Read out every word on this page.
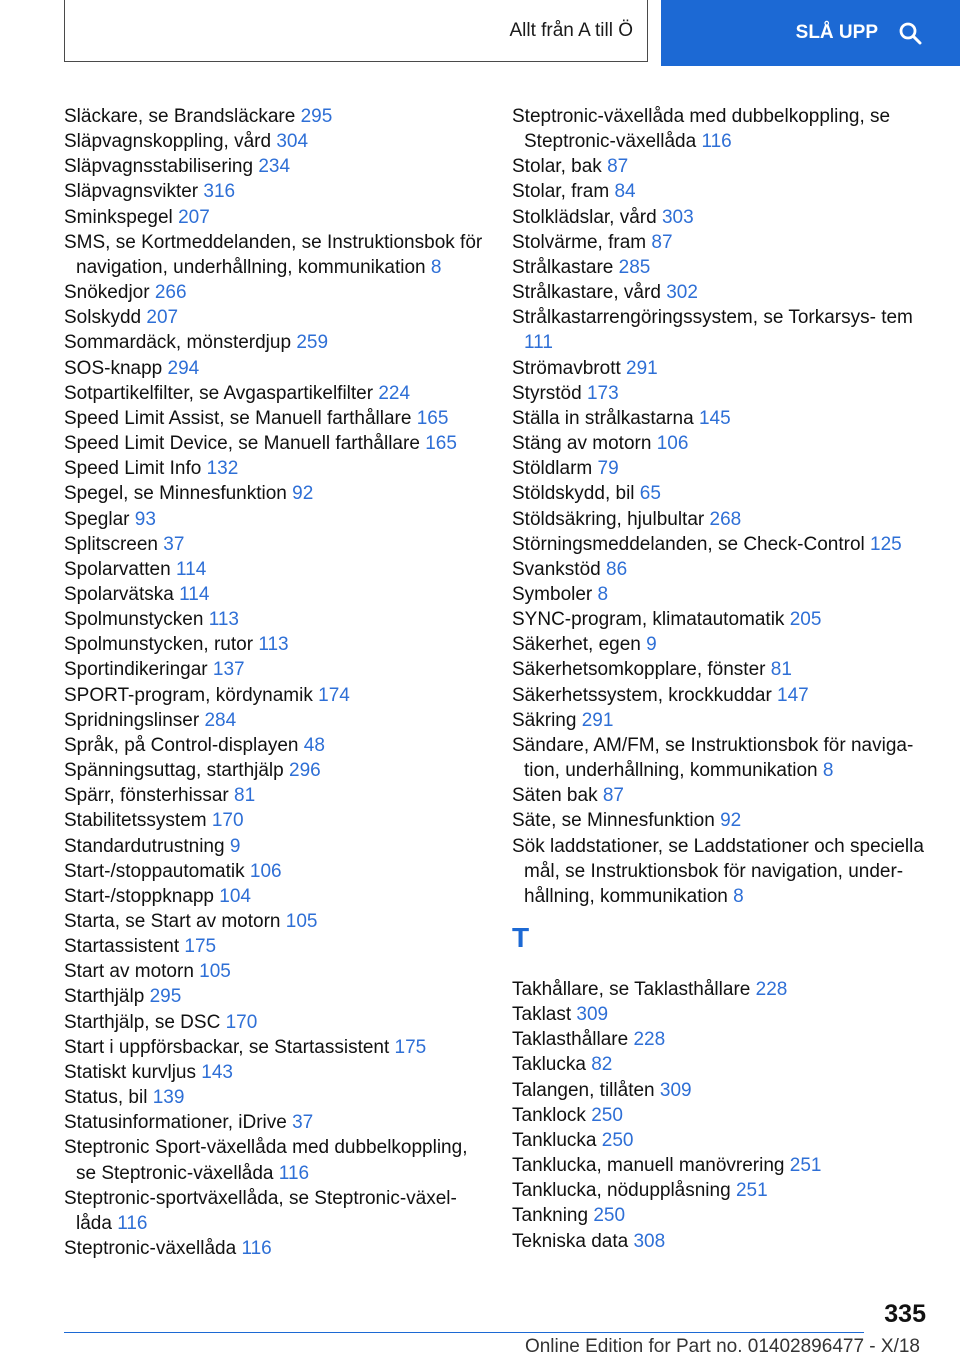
Allt från A till Ö	SLÅ UPP
Släckare, se Brandsläckare 295
Släpvagnskoppling, vård 304
Släpvagnsstabilisering 234
Släpvagnsvikter 316
Sminkspegel 207
SMS, se Kortmeddelanden, se Instruktionsbok för navigation, underhållning, kommunikation 8
Snökedjor 266
Solskydd 207
Sommardäck, mönsterdjup 259
SOS-knapp 294
Sotpartikelfilter, se Avgaspartikelfilter 224
Speed Limit Assist, se Manuell farthållare 165
Speed Limit Device, se Manuell farthållare 165
Speed Limit Info 132
Spegel, se Minnesfunktion 92
Speglar 93
Splitscreen 37
Spolarvatten 114
Spolarvätska 114
Spolmunstycken 113
Spolmunstycken, rutor 113
Sportindikeringar 137
SPORT-program, kördynamik 174
Spridningslinser 284
Språk, på Control-displayen 48
Spänningsuttag, starthjälp 296
Spärr, fönsterhissar 81
Stabilitetssystem 170
Standardutrustning 9
Start-/stoppautomatik 106
Start-/stoppknapp 104
Starta, se Start av motorn 105
Startassistent 175
Start av motorn 105
Starthjälp 295
Starthjälp, se DSC 170
Start i uppförsbackar, se Startassistent 175
Statiskt kurvljus 143
Status, bil 139
Statusinformationer, iDrive 37
Steptronic Sport-växellåda med dubbelkoppling, se Steptronic-växellåda 116
Steptronic-sportväxellåda, se Steptronic-växel- låda 116
Steptronic-växellåda 116
Steptronic-växellåda med dubbelkoppling, se Steptronic-växellåda 116
Stolar, bak 87
Stolar, fram 84
Stolklädslar, vård 303
Stolvärme, fram 87
Strålkastare 285
Strålkastare, vård 302
Strålkastarrengöringssystem, se Torkarsys- tem 111
Strömavbrott 291
Styrstöd 173
Ställa in strålkastarna 145
Stäng av motorn 106
Stöldlarm 79
Stöldskydd, bil 65
Stöldsäkring, hjulbultar 268
Störningsmeddelanden, se Check-Control 125
Svankstöd 86
Symboler 8
SYNC-program, klimatautomatik 205
Säkerhet, egen 9
Säkerhetsomkopplare, fönster 81
Säkerhetssystem, krockkuddar 147
Säkring 291
Sändare, AM/FM, se Instruktionsbok för naviga- tion, underhållning, kommunikation 8
Säten bak 87
Säte, se Minnesfunktion 92
Sök laddstationer, se Laddstationer och speciella mål, se Instruktionsbok för navigation, under- hållning, kommunikation 8
T
Takhållare, se Taklasthållare 228
Taklast 309
Taklasthållare 228
Taklucka 82
Talangen, tillåten 309
Tanklock 250
Tanklucka 250
Tanklucka, manuell manövrering 251
Tanklucka, nödupplåsning 251
Tankning 250
Tekniska data 308
335
Online Edition for Part no. 01402896477 - X/18
